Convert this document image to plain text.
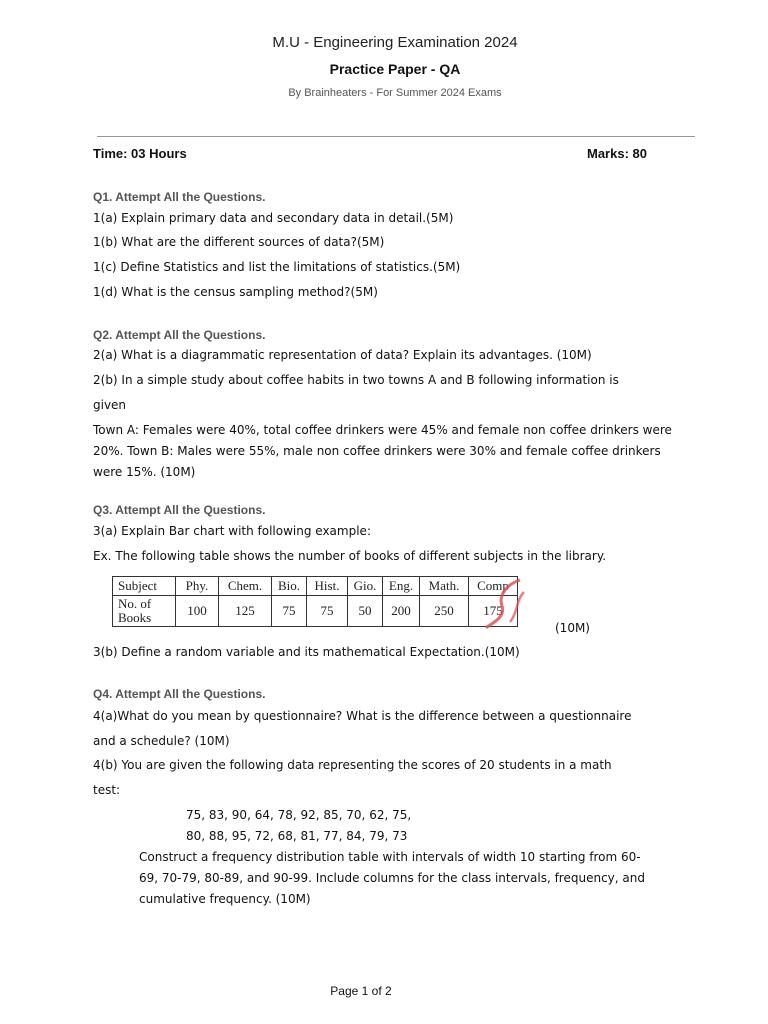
M.U - Engineering Examination 2024
Practice Paper - QA
By Brainheaters - For Summer 2024 Exams
Time: 03 Hours	Marks: 80
Q1. Attempt All the Questions.
1(a) Explain primary data and secondary data in detail.(5M)
1(b) What are the different sources of data?(5M)
1(c) Define Statistics and list the limitations of statistics.(5M)
1(d) What is the census sampling method?(5M)
Q2. Attempt All the Questions.
2(a) What is a diagrammatic representation of data? Explain its advantages. (10M)
2(b) In a simple study about coffee habits in two towns A and B following information is
given
Town A: Females were 40%, total coffee drinkers were 45% and female non coffee drinkers were 20%. Town B: Males were 55%, male non coffee drinkers were 30% and female coffee drinkers were 15%. (10M)
Q3. Attempt All the Questions.
3(a) Explain Bar chart with following example:
Ex. The following table shows the number of books of different subjects in the library.
Subject	Phy.	Chem.	Bio.	Hist.	Gio.	Eng.	Math.	Comp
No. of Books	100	125	75	75	50	200	250	175
(10M)
3(b) Define a random variable and its mathematical Expectation.(10M)
Q4. Attempt All the Questions.
4(a)What do you mean by questionnaire? What is the difference between a questionnaire
and a schedule? (10M)
4(b) You are given the following data representing the scores of 20 students in a math
test:
75, 83, 90, 64, 78, 92, 85, 70, 62, 75,
80, 88, 95, 72, 68, 81, 77, 84, 79, 73
Construct a frequency distribution table with intervals of width 10 starting from 60-69, 70-79, 80-89, and 90-99. Include columns for the class intervals, frequency, and cumulative frequency. (10M)
Page 1 of 2
